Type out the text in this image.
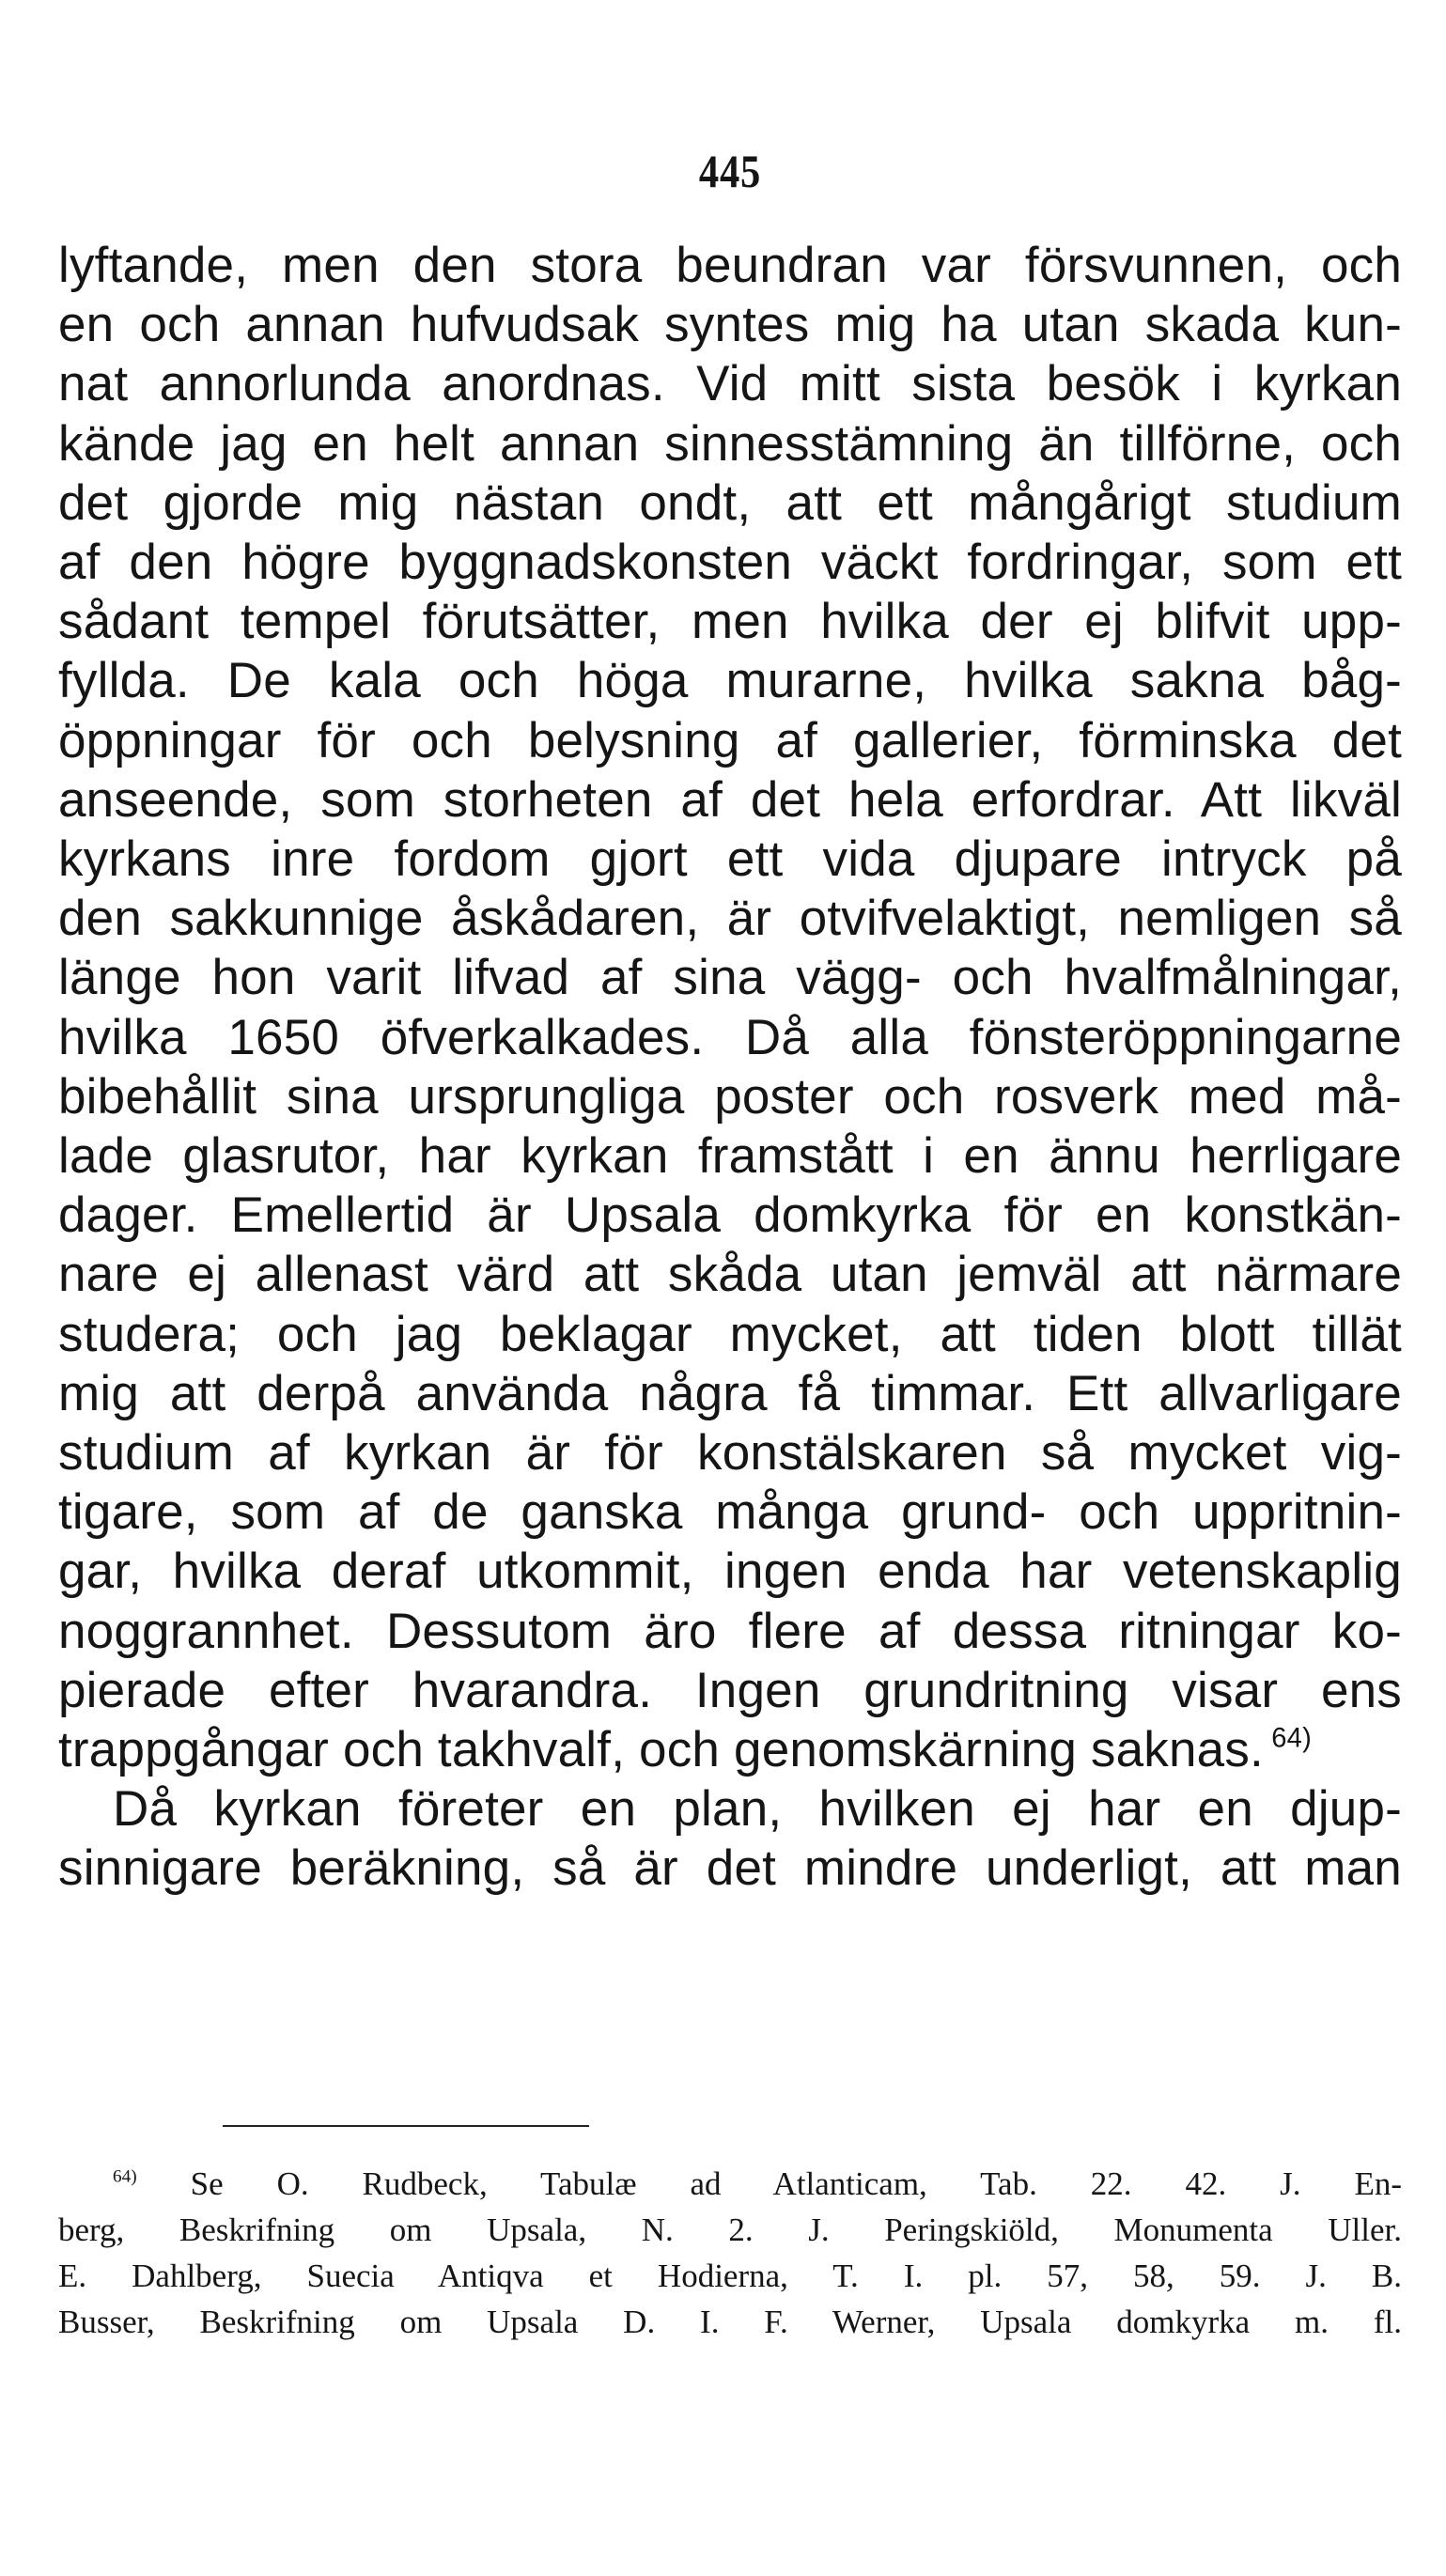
445
lyftande, men den stora beundran var försvunnen, och
en och annan hufvudsak syntes mig ha utan skada kun-
nat annorlunda anordnas. Vid mitt sista besök i kyrkan
kände jag en helt annan sinnesstämning än tillförne, och
det gjorde mig nästan ondt, att ett mångårigt studium
af den högre byggnadskonsten väckt fordringar, som ett
sådant tempel förutsätter, men hvilka der ej blifvit upp-
fyllda. De kala och höga murarne, hvilka sakna båg-
öppningar för och belysning af gallerier, förminska det
anseende, som storheten af det hela erfordrar. Att likväl
kyrkans inre fordom gjort ett vida djupare intryck på
den sakkunnige åskådaren, är otvifvelaktigt, nemligen så
länge hon varit lifvad af sina vägg- och hvalfmålningar,
hvilka 1650 öfverkalkades. Då alla fönsteröppningarne
bibehållit sina ursprungliga poster och rosverk med må-
lade glasrutor, har kyrkan framstått i en ännu herrligare
dager. Emellertid är Upsala domkyrka för en konstkän-
nare ej allenast värd att skåda utan jemväl att närmare
studera; och jag beklagar mycket, att tiden blott tillät
mig att derpå använda några få timmar. Ett allvarligare
studium af kyrkan är för konstälskaren så mycket vig-
tigare, som af de ganska många grund- och uppritnin-
gar, hvilka deraf utkommit, ingen enda har vetenskaplig
noggrannhet. Dessutom äro flere af dessa ritningar ko-
pierade efter hvarandra. Ingen grundritning visar ens
trappgångar och takhvalf, och genomskärning saknas. $^{64)}$
Då kyrkan företer en plan, hvilken ej har en djup-
sinnigare beräkning, så är det mindre underligt, att man
$^{64)}$ Se O. Rudbeck, Tabulæ ad Atlanticam, Tab. 22. 42. J. En-
berg, Beskrifning om Upsala, N. 2. J. Peringskiöld, Monumenta Uller.
E. Dahlberg, Suecia Antiqva et Hodierna, T. I. pl. 57, 58, 59. J. B.
Busser, Beskrifning om Upsala D. I. F. Werner, Upsala domkyrka m. fl.
